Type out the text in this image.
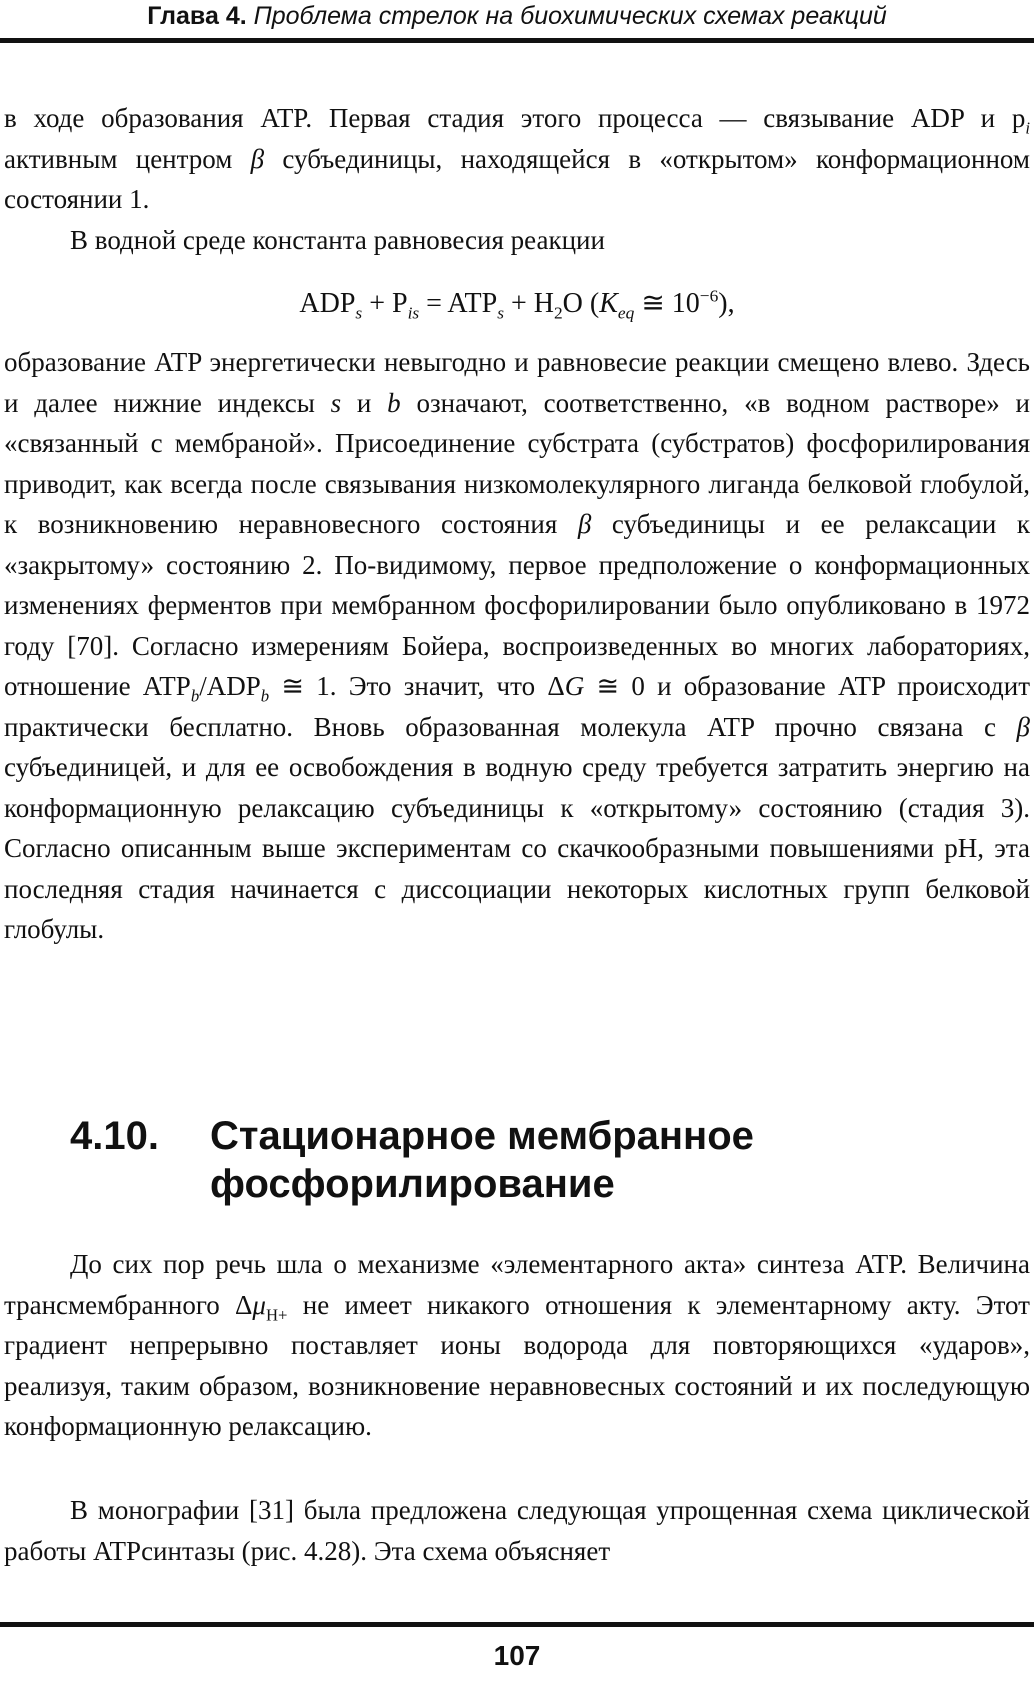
Глава 4. Проблема стрелок на биохимических схемах реакций

в ходе образования ATP. Первая стадия этого процесса — связывание ADP и $p_i$ активным центром β субъединицы, находящейся в «открытом» конформационном состоянии 1.

В водной среде константа равновесия реакции

$ADP_s + P_{is} = ATP_s + H_2O$ ($K_{eq}$ ≅ $10^{-6}$),

образование ATP энергетически невыгодно и равновесие реакции смещено влево. Здесь и далее нижние индексы s и b означают, соответственно, «в водном растворе» и «связанный с мембраной». Присоединение субстрата (субстратов) фосфорилирования приводит, как всегда после связывания низкомолекулярного лиганда белковой глобулой, к возникновению неравновесного состояния β субъединицы и ее релаксации к «закрытому» состоянию 2. По-видимому, первое предположение о конформационных изменениях ферментов при мембранном фосфорилировании было опубликовано в 1972 году [70]. Согласно измерениям Бойера, воспроизведенных во многих лабораториях, отношение $ATP_b/ADP_b$ ≅ 1. Это значит, что ΔG ≅ 0 и образование ATP происходит практически бесплатно. Вновь образованная молекула ATP прочно связана с β субъединицей, и для ее освобождения в водную среду требуется затратить энергию на конформационную релаксацию субъединицы к «открытому» состоянию (стадия 3). Согласно описанным выше экспериментам со скачкообразными повышениями pH, эта последняя стадия начинается с диссоциации некоторых кислотных групп белковой глобулы.

4.10. Стационарное мембранное
фосфорилирование

До сих пор речь шла о механизме «элементарного акта» синтеза ATP. Величина трансмембранного $\Delta\mu_{H+}$ не имеет никакого отношения к элементарному акту. Этот градиент непрерывно поставляет ионы водорода для повторяющихся «ударов», реализуя, таким образом, возникновение неравновесных состояний и их последующую конформационную релаксацию.

В монографии [31] была предложена следующая упрощенная схема циклической работы ATPсинтазы (рис. 4.28). Эта схема объясняет

107
